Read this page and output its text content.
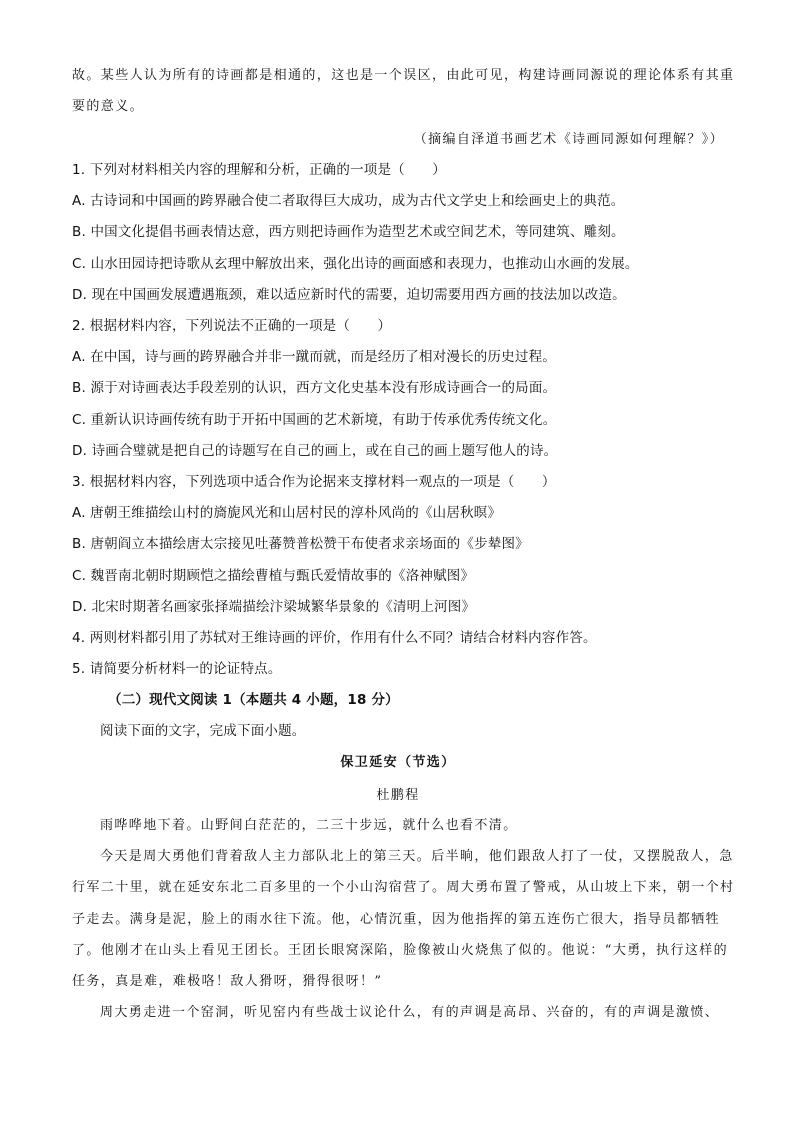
故。某些人认为所有的诗画都是相通的，这也是一个误区，由此可见，构建诗画同源说的理论体系有其重
要的意义。
（摘编自泽道书画艺术《诗画同源如何理解？》）
1. 下列对材料相关内容的理解和分析，正确的一项是（　　）
A. 古诗词和中国画的跨界融合使二者取得巨大成功，成为古代文学史上和绘画史上的典范。
B. 中国文化提倡书画表情达意，西方则把诗画作为造型艺术或空间艺术，等同建筑、雕刻。
C. 山水田园诗把诗歌从玄理中解放出来，强化出诗的画面感和表现力，也推动山水画的发展。
D. 现在中国画发展遭遇瓶颈，难以适应新时代的需要，迫切需要用西方画的技法加以改造。
2. 根据材料内容，下列说法不正确的一项是（　　）
A. 在中国，诗与画的跨界融合并非一蹴而就，而是经历了相对漫长的历史过程。
B. 源于对诗画表达手段差别的认识，西方文化史基本没有形成诗画合一的局面。
C. 重新认识诗画传统有助于开拓中国画的艺术新境，有助于传承优秀传统文化。
D. 诗画合璧就是把自己的诗题写在自己的画上，或在自己的画上题写他人的诗。
3. 根据材料内容，下列选项中适合作为论据来支撑材料一观点的一项是（　　）
A. 唐朝王维描绘山村的旖旎风光和山居村民的淳朴风尚的《山居秋暝》
B. 唐朝阎立本描绘唐太宗接见吐蕃赞普松赞干布使者求亲场面的《步辇图》
C. 魏晋南北朝时期顾恺之描绘曹植与甄氏爱情故事的《洛神赋图》
D. 北宋时期著名画家张择端描绘汴梁城繁华景象的《清明上河图》
4. 两则材料都引用了苏轼对王维诗画的评价，作用有什么不同？请结合材料内容作答。
5. 请简要分析材料一的论证特点。
（二）现代文阅读 1（本题共 4 小题，18 分）
阅读下面的文字，完成下面小题。
保卫延安（节选）
杜鹏程
雨哗哗地下着。山野间白茫茫的，二三十步远，就什么也看不清。
今天是周大勇他们背着敌人主力部队北上的第三天。后半晌，他们跟敌人打了一仗，又摆脱敌人，急
行军二十里，就在延安东北二百多里的一个小山沟宿营了。周大勇布置了警戒，从山坡上下来，朝一个村
子走去。满身是泥，脸上的雨水往下流。他，心情沉重，因为他指挥的第五连伤亡很大，指导员都牺牲
了。他刚才在山头上看见王团长。王团长眼窝深陷，脸像被山火烧焦了似的。他说：“大勇，执行这样的
任务，真是难，难极咯！敌人猾呀，猾得很呀！”
周大勇走进一个窑洞，听见窑内有些战士议论什么，有的声调是高昂、兴奋的，有的声调是激愤、
